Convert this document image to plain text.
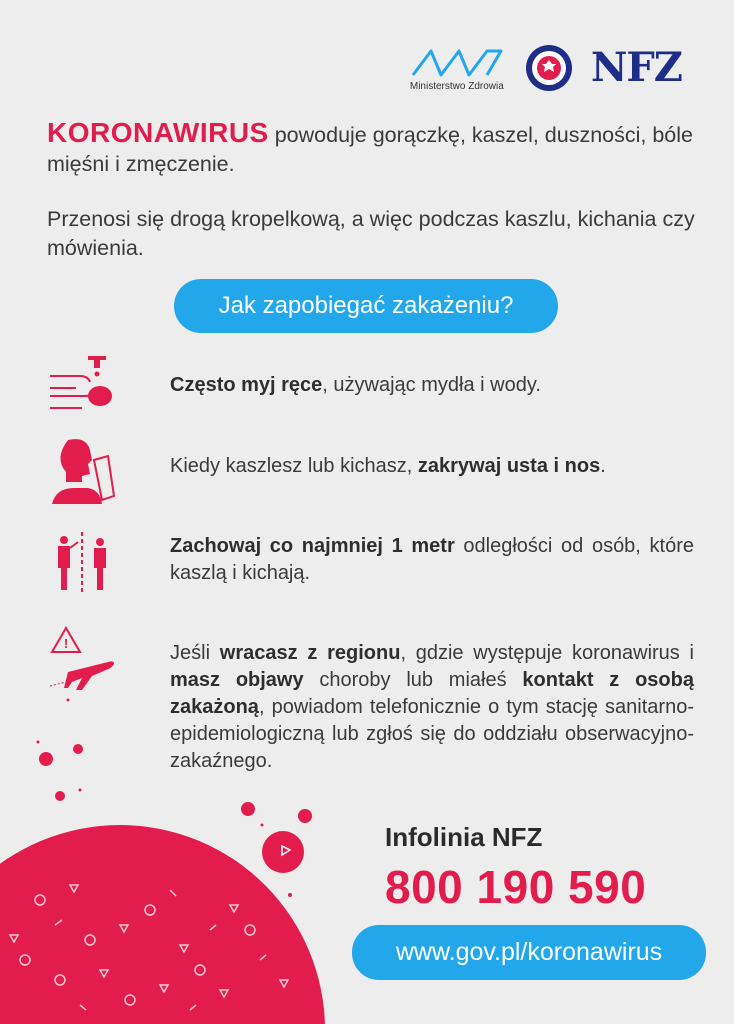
Ministerstwo Zdrowia NFZ

KORONAWIRUS powoduje gorączkę, kaszel, duszności, bóle mięśni i zmęczenie.

Przenosi się drogą kropelkową, a więc podczas kaszlu, kichania czy mówienia.

Jak zapobiegać zakażeniu?
Często myj ręce, używając mydła i wody.
Kiedy kaszlesz lub kichasz, zakrywaj usta i nos.
Zachowaj co najmniej 1 metr odległości od osób, które kaszlą i kichają.
!	Jeśli wracasz z regionu, gdzie występuje koronawirus i masz objawy choroby lub miałeś kontakt z osobą zakażoną, powiadom telefonicznie o tym stację sanitarno-epidemiologiczną lub zgłoś się do oddziału obserwacyjno-zakaźnego.
Infolinia NFZ
800 190 590
www.gov.pl/koronawirus
